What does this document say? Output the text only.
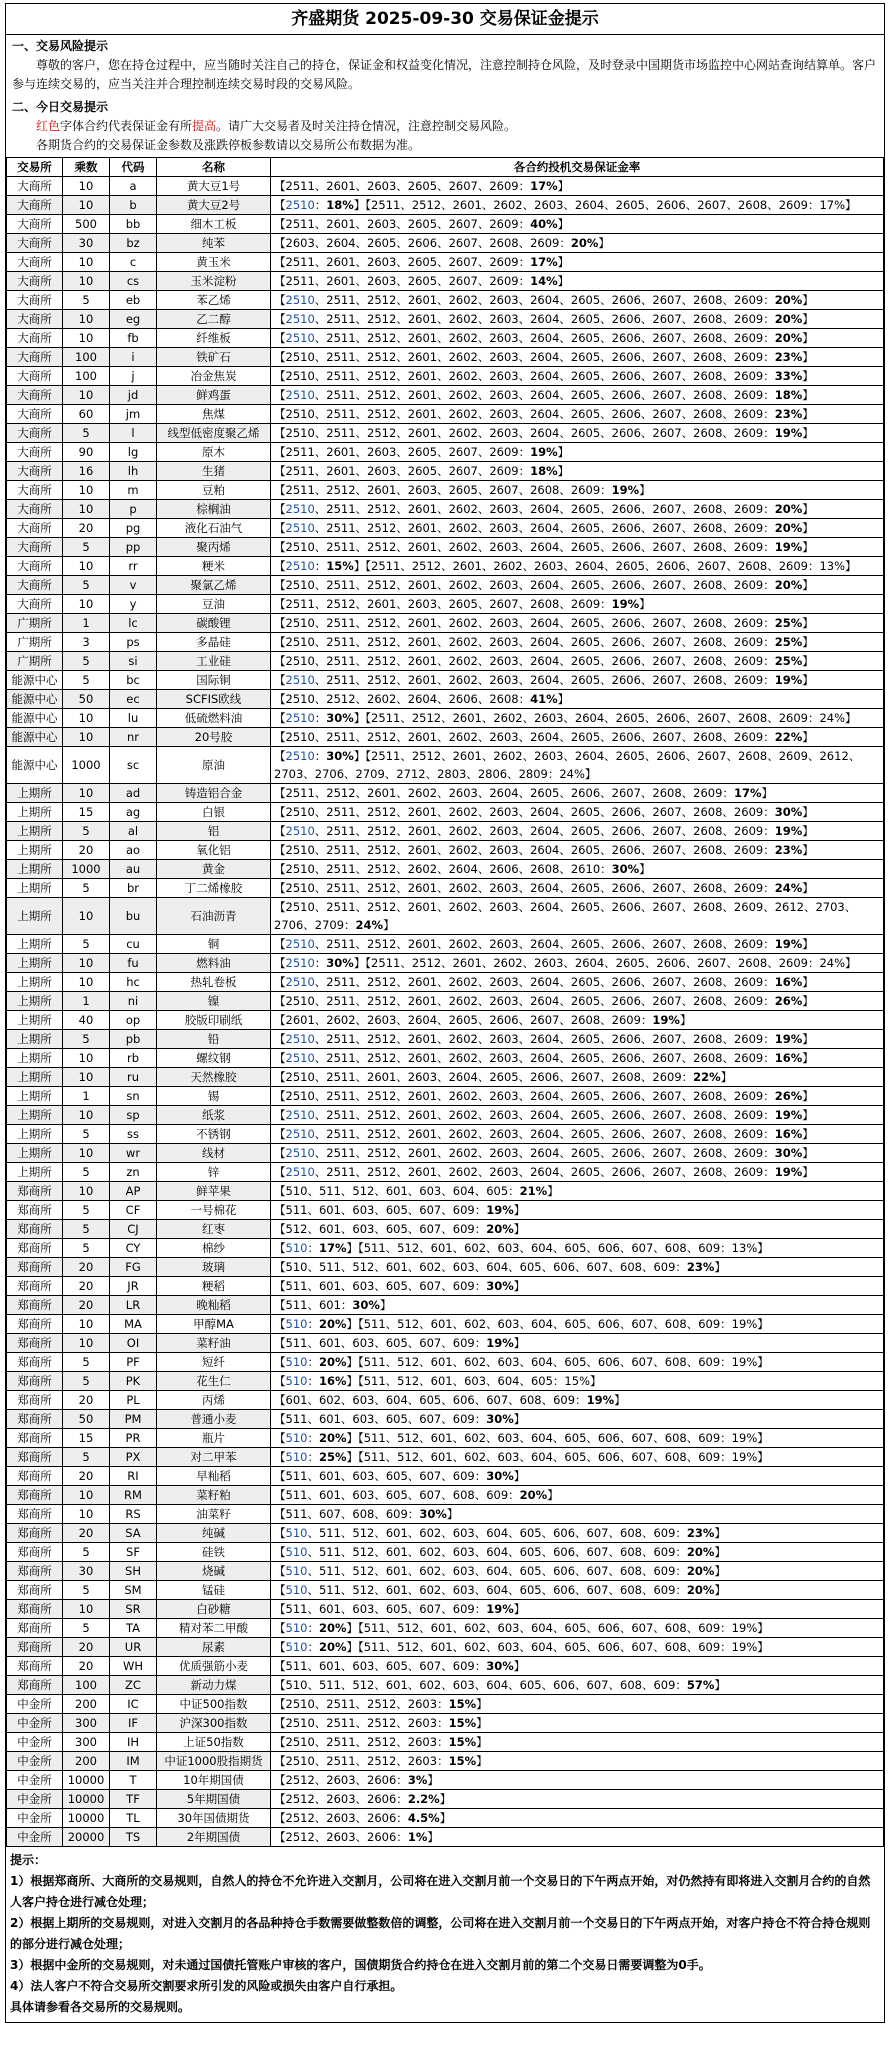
齐盛期货 2025-09-30 交易保证金提示
一、交易风险提示
尊敬的客户，您在持仓过程中，应当随时关注自己的持仓，保证金和权益变化情况，注意控制持仓风险，及时登录中国期货市场监控中心网站查询结算单。客户参与连续交易的，应当关注并合理控制连续交易时段的交易风险。
二、今日交易提示
红色字体合约代表保证金有所提高。请广大交易者及时关注持仓情况，注意控制交易风险。
各期货合约的交易保证金参数及涨跌停板参数请以交易所公布数据为准。
交易所	乘数	代码	名称	各合约投机交易保证金率
大商所	10	a	黄大豆1号	【2511、2601、2603、2605、2607、2609：17%】
大商所	10	b	黄大豆2号	【2510：18%】【2511、2512、2601、2602、2603、2604、2605、2606、2607、2608、2609：17%】
大商所	500	bb	细木工板	【2511、2601、2603、2605、2607、2609：40%】
大商所	30	bz	纯苯	【2603、2604、2605、2606、2607、2608、2609：20%】
大商所	10	c	黄玉米	【2511、2601、2603、2605、2607、2609：17%】
大商所	10	cs	玉米淀粉	【2511、2601、2603、2605、2607、2609：14%】
大商所	5	eb	苯乙烯	【2510、2511、2512、2601、2602、2603、2604、2605、2606、2607、2608、2609：20%】
大商所	10	eg	乙二醇	【2510、2511、2512、2601、2602、2603、2604、2605、2606、2607、2608、2609：20%】
大商所	10	fb	纤维板	【2510、2511、2512、2601、2602、2603、2604、2605、2606、2607、2608、2609：20%】
大商所	100	i	铁矿石	【2510、2511、2512、2601、2602、2603、2604、2605、2606、2607、2608、2609：23%】
大商所	100	j	冶金焦炭	【2510、2511、2512、2601、2602、2603、2604、2605、2606、2607、2608、2609：33%】
大商所	10	jd	鲜鸡蛋	【2510、2511、2512、2601、2602、2603、2604、2605、2606、2607、2608、2609：18%】
大商所	60	jm	焦煤	【2510、2511、2512、2601、2602、2603、2604、2605、2606、2607、2608、2609：23%】
大商所	5	l	线型低密度聚乙烯	【2510、2511、2512、2601、2602、2603、2604、2605、2606、2607、2608、2609：19%】
大商所	90	lg	原木	【2511、2601、2603、2605、2607、2609：19%】
大商所	16	lh	生猪	【2511、2601、2603、2605、2607、2609：18%】
大商所	10	m	豆粕	【2511、2512、2601、2603、2605、2607、2608、2609：19%】
大商所	10	p	棕榈油	【2510、2511、2512、2601、2602、2603、2604、2605、2606、2607、2608、2609：20%】
大商所	20	pg	液化石油气	【2510、2511、2512、2601、2602、2603、2604、2605、2606、2607、2608、2609：20%】
大商所	5	pp	聚丙烯	【2510、2511、2512、2601、2602、2603、2604、2605、2606、2607、2608、2609：19%】
大商所	10	rr	粳米	【2510：15%】【2511、2512、2601、2602、2603、2604、2605、2606、2607、2608、2609：13%】
大商所	5	v	聚氯乙烯	【2510、2511、2512、2601、2602、2603、2604、2605、2606、2607、2608、2609：20%】
大商所	10	y	豆油	【2511、2512、2601、2603、2605、2607、2608、2609：19%】
广期所	1	lc	碳酸锂	【2510、2511、2512、2601、2602、2603、2604、2605、2606、2607、2608、2609：25%】
广期所	3	ps	多晶硅	【2510、2511、2512、2601、2602、2603、2604、2605、2606、2607、2608、2609：25%】
广期所	5	si	工业硅	【2510、2511、2512、2601、2602、2603、2604、2605、2606、2607、2608、2609：25%】
能源中心	5	bc	国际铜	【2510、2511、2512、2601、2602、2603、2604、2605、2606、2607、2608、2609：19%】
能源中心	50	ec	SCFIS欧线	【2510、2512、2602、2604、2606、2608：41%】
能源中心	10	lu	低硫燃料油	【2510：30%】【2511、2512、2601、2602、2603、2604、2605、2606、2607、2608、2609：24%】
能源中心	10	nr	20号胶	【2510、2511、2512、2601、2602、2603、2604、2605、2606、2607、2608、2609：22%】
能源中心	1000	sc	原油	【2510：30%】【2511、2512、2601、2602、2603、2604、2605、2606、2607、2608、2609、2612、2703、2706、2709、2712、2803、2806、2809：24%】
上期所	10	ad	铸造铝合金	【2511、2512、2601、2602、2603、2604、2605、2606、2607、2608、2609：17%】
上期所	15	ag	白银	【2510、2511、2512、2601、2602、2603、2604、2605、2606、2607、2608、2609：30%】
上期所	5	al	铝	【2510、2511、2512、2601、2602、2603、2604、2605、2606、2607、2608、2609：19%】
上期所	20	ao	氧化铝	【2510、2511、2512、2601、2602、2603、2604、2605、2606、2607、2608、2609：23%】
上期所	1000	au	黄金	【2510、2511、2512、2602、2604、2606、2608、2610：30%】
上期所	5	br	丁二烯橡胶	【2510、2511、2512、2601、2602、2603、2604、2605、2606、2607、2608、2609：24%】
上期所	10	bu	石油沥青	【2510、2511、2512、2601、2602、2603、2604、2605、2606、2607、2608、2609、2612、2703、2706、2709：24%】
上期所	5	cu	铜	【2510、2511、2512、2601、2602、2603、2604、2605、2606、2607、2608、2609：19%】
上期所	10	fu	燃料油	【2510：30%】【2511、2512、2601、2602、2603、2604、2605、2606、2607、2608、2609：24%】
上期所	10	hc	热轧卷板	【2510、2511、2512、2601、2602、2603、2604、2605、2606、2607、2608、2609：16%】
上期所	1	ni	镍	【2510、2511、2512、2601、2602、2603、2604、2605、2606、2607、2608、2609：26%】
上期所	40	op	胶版印刷纸	【2601、2602、2603、2604、2605、2606、2607、2608、2609：19%】
上期所	5	pb	铅	【2510、2511、2512、2601、2602、2603、2604、2605、2606、2607、2608、2609：19%】
上期所	10	rb	螺纹钢	【2510、2511、2512、2601、2602、2603、2604、2605、2606、2607、2608、2609：16%】
上期所	10	ru	天然橡胶	【2510、2511、2601、2603、2604、2605、2606、2607、2608、2609：22%】
上期所	1	sn	锡	【2510、2511、2512、2601、2602、2603、2604、2605、2606、2607、2608、2609：26%】
上期所	10	sp	纸浆	【2510、2511、2512、2601、2602、2603、2604、2605、2606、2607、2608、2609：19%】
上期所	5	ss	不锈钢	【2510、2511、2512、2601、2602、2603、2604、2605、2606、2607、2608、2609：16%】
上期所	10	wr	线材	【2510、2511、2512、2601、2602、2603、2604、2605、2606、2607、2608、2609：30%】
上期所	5	zn	锌	【2510、2511、2512、2601、2602、2603、2604、2605、2606、2607、2608、2609：19%】
郑商所	10	AP	鲜苹果	【510、511、512、601、603、604、605：21%】
郑商所	5	CF	一号棉花	【511、601、603、605、607、609：19%】
郑商所	5	CJ	红枣	【512、601、603、605、607、609：20%】
郑商所	5	CY	棉纱	【510：17%】【511、512、601、602、603、604、605、606、607、608、609：13%】
郑商所	20	FG	玻璃	【510、511、512、601、602、603、604、605、606、607、608、609：23%】
郑商所	20	JR	粳稻	【511、601、603、605、607、609：30%】
郑商所	20	LR	晚籼稻	【511、601：30%】
郑商所	10	MA	甲醇MA	【510：20%】【511、512、601、602、603、604、605、606、607、608、609：19%】
郑商所	10	OI	菜籽油	【511、601、603、605、607、609：19%】
郑商所	5	PF	短纤	【510：20%】【511、512、601、602、603、604、605、606、607、608、609：19%】
郑商所	5	PK	花生仁	【510：16%】【511、512、601、603、604、605：15%】
郑商所	20	PL	丙烯	【601、602、603、604、605、606、607、608、609：19%】
郑商所	50	PM	普通小麦	【511、601、603、605、607、609：30%】
郑商所	15	PR	瓶片	【510：20%】【511、512、601、602、603、604、605、606、607、608、609：19%】
郑商所	5	PX	对二甲苯	【510：25%】【511、512、601、602、603、604、605、606、607、608、609：19%】
郑商所	20	RI	早籼稻	【511、601、603、605、607、609：30%】
郑商所	10	RM	菜籽粕	【511、601、603、605、607、608、609：20%】
郑商所	10	RS	油菜籽	【511、607、608、609：30%】
郑商所	20	SA	纯碱	【510、511、512、601、602、603、604、605、606、607、608、609：23%】
郑商所	5	SF	硅铁	【510、511、512、601、602、603、604、605、606、607、608、609：20%】
郑商所	30	SH	烧碱	【510、511、512、601、602、603、604、605、606、607、608、609：20%】
郑商所	5	SM	锰硅	【510、511、512、601、602、603、604、605、606、607、608、609：20%】
郑商所	10	SR	白砂糖	【511、601、603、605、607、609：19%】
郑商所	5	TA	精对苯二甲酸	【510：20%】【511、512、601、602、603、604、605、606、607、608、609：19%】
郑商所	20	UR	尿素	【510：20%】【511、512、601、602、603、604、605、606、607、608、609：19%】
郑商所	20	WH	优质强筋小麦	【511、601、603、605、607、609：30%】
郑商所	100	ZC	新动力煤	【510、511、512、601、602、603、604、605、606、607、608、609：57%】
中金所	200	IC	中证500指数	【2510、2511、2512、2603：15%】
中金所	300	IF	沪深300指数	【2510、2511、2512、2603：15%】
中金所	300	IH	上证50指数	【2510、2511、2512、2603：15%】
中金所	200	IM	中证1000股指期货	【2510、2511、2512、2603：15%】
中金所	10000	T	10年期国债	【2512、2603、2606：3%】
中金所	10000	TF	5年期国债	【2512、2603、2606：2.2%】
中金所	10000	TL	30年国债期货	【2512、2603、2606：4.5%】
中金所	20000	TS	2年期国债	【2512、2603、2606：1%】
提示：
1）根据郑商所、大商所的交易规则，自然人的持仓不允许进入交割月，公司将在进入交割月前一个交易日的下午两点开始，对仍然持有即将进入交割月合约的自然人客户持仓进行减仓处理；
2）根据上期所的交易规则，对进入交割月的各品种持仓手数需要做整数倍的调整，公司将在进入交割月前一个交易日的下午两点开始，对客户持仓不符合持仓规则的部分进行减仓处理；
3）根据中金所的交易规则，对未通过国债托管账户审核的客户，国债期货合约持仓在进入交割月前的第二个交易日需要调整为0手。
4）法人客户不符合交易所交割要求所引发的风险或损失由客户自行承担。
具体请参看各交易所的交易规则。
